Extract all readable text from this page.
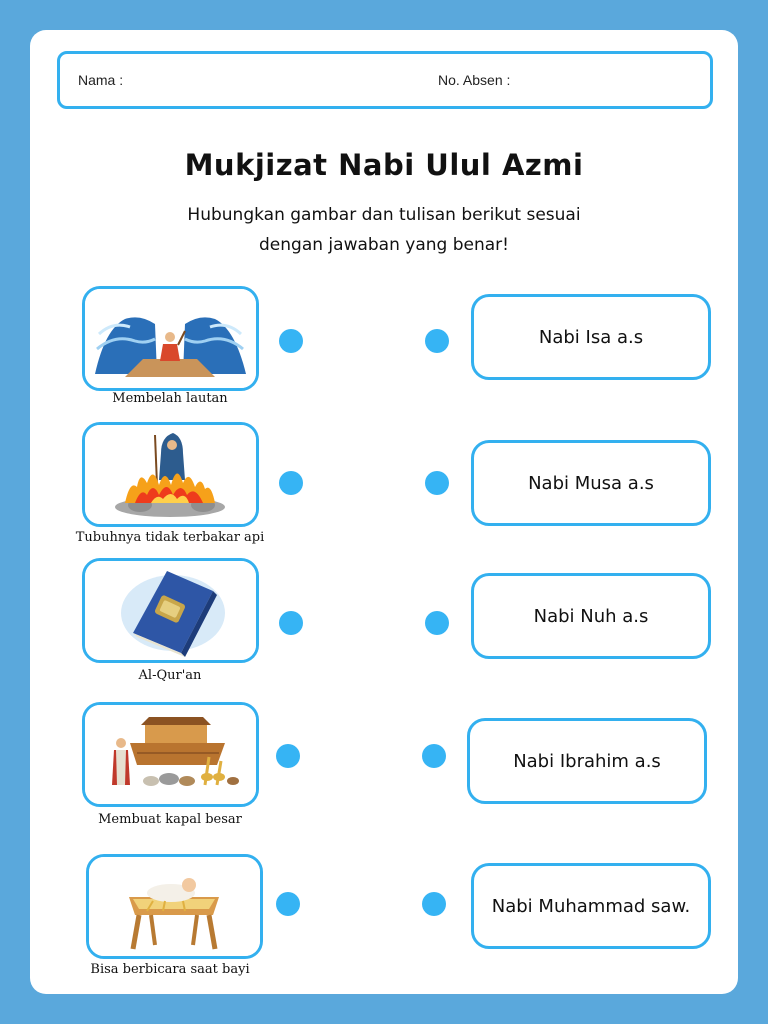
Nama :	No. Absen :
Mukjizat Nabi Ulul Azmi
Hubungkan gambar dan tulisan berikut sesuai
dengan jawaban yang benar!
Membelah lautan
Nabi Isa a.s
Tubuhnya tidak terbakar api
Nabi Musa a.s
Al-Qur'an
Nabi Nuh a.s
Membuat kapal besar
Nabi Ibrahim a.s
Bisa berbicara saat bayi
Nabi Muhammad saw.
